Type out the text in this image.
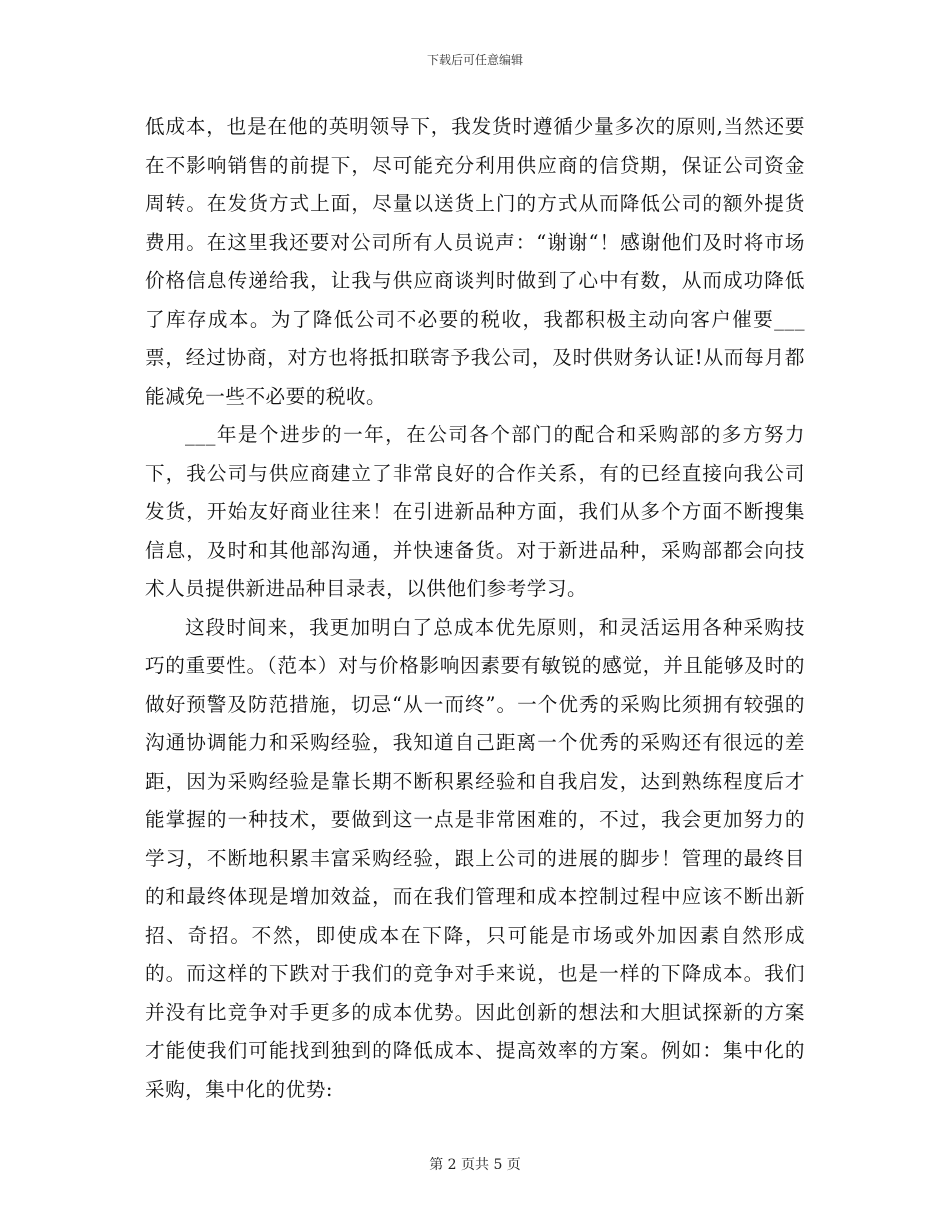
下载后可任意编辑

低成本，也是在他的英明领导下，我发货时遵循少量多次的原则,当然还要在不影响销售的前提下，尽可能充分利用供应商的信贷期，保证公司资金周转。在发货方式上面，尽量以送货上门的方式从而降低公司的额外提货费用。在这里我还要对公司所有人员说声：“谢谢“！感谢他们及时将市场价格信息传递给我，让我与供应商谈判时做到了心中有数，从而成功降低了库存成本。为了降低公司不必要的税收，我都积极主动向客户催要___票，经过协商，对方也将抵扣联寄予我公司，及时供财务认证!从而每月都能减免一些不必要的税收。

___年是个进步的一年，在公司各个部门的配合和采购部的多方努力下，我公司与供应商建立了非常良好的合作关系，有的已经直接向我公司发货，开始友好商业往来！在引进新品种方面，我们从多个方面不断搜集信息，及时和其他部沟通，并快速备货。对于新进品种，采购部都会向技术人员提供新进品种目录表，以供他们参考学习。

这段时间来，我更加明白了总成本优先原则，和灵活运用各种采购技巧的重要性。（范本）对与价格影响因素要有敏锐的感觉，并且能够及时的做好预警及防范措施，切忌“从一而终”。一个优秀的采购比须拥有较强的沟通协调能力和采购经验，我知道自己距离一个优秀的采购还有很远的差距，因为采购经验是靠长期不断积累经验和自我启发，达到熟练程度后才能掌握的一种技术，要做到这一点是非常困难的，不过，我会更加努力的学习，不断地积累丰富采购经验，跟上公司的进展的脚步！管理的最终目的和最终体现是增加效益，而在我们管理和成本控制过程中应该不断出新招、奇招。不然，即使成本在下降，只可能是市场或外加因素自然形成的。而这样的下跌对于我们的竞争对手来说，也是一样的下降成本。我们并没有比竞争对手更多的成本优势。因此创新的想法和大胆试探新的方案才能使我们可能找到独到的降低成本、提高效率的方案。例如：集中化的采购，集中化的优势:

第 2 页共 5 页
